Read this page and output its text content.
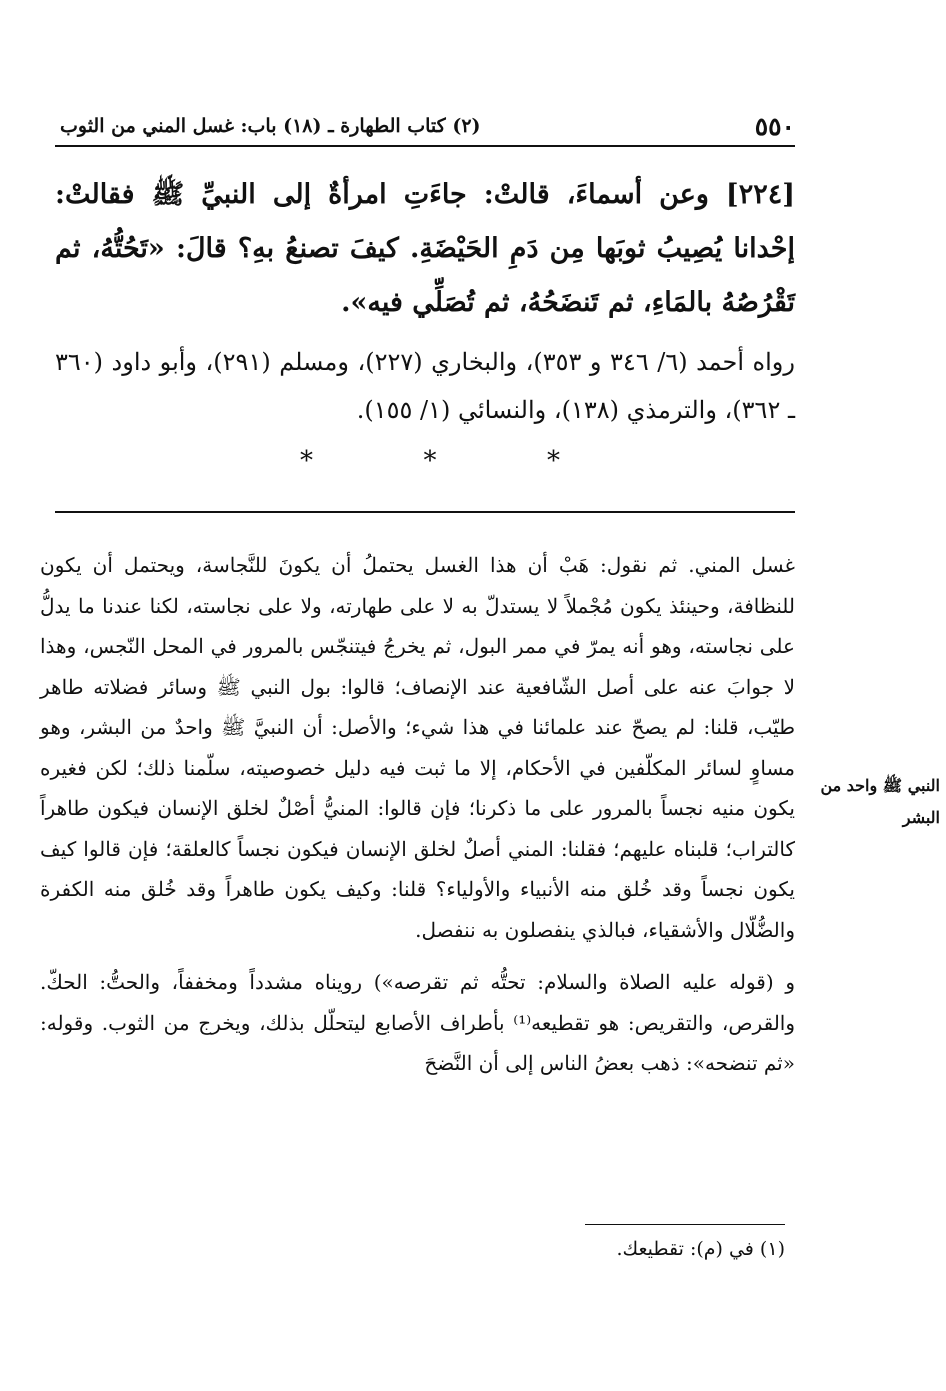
٥٥٠
(٢) كتاب الطهارة ـ (١٨) باب: غسل المني من الثوب
[٢٢٤] وعن أسماءَ، قالتْ: جاءَتِ امرأةٌ إلى النبيِّ ﷺ فقالتْ: إحْدانا يُصِيبُ ثوبَها مِن دَمِ الحَيْضَةِ. كيفَ تصنعُ بهِ؟ قالَ: «تَحُتُّهُ، ثم تَقْرُصُهُ بالمَاءِ، ثم تَنضَحُهُ، ثم تُصَلِّي فيه».
رواه أحمد (٦/ ٣٤٦ و ٣٥٣)، والبخاري (٢٢٧)، ومسلم (٢٩١)، وأبو داود (٣٦٠ ـ ٣٦٢)، والترمذي (١٣٨)، والنسائي (١/ ١٥٥).
*	*	*

غسل المني. ثم نقول: هَبْ أن هذا الغسل يحتملُ أن يكونَ للنَّجاسة، ويحتمل أن يكون للنظافة، وحينئذ يكون مُجْملاً لا يستدلّ به لا على طهارته، ولا على نجاسته، لكنا عندنا ما يدلُّ على نجاسته، وهو أنه يمرّ في ممر البول، ثم يخرجُ فيتنجّس بالمرور في المحل النّجس، وهذا لا جوابَ عنه على أصل الشّافعية عند الإنصاف؛ قالوا: بول النبي ﷺ وسائر فضلاته طاهر طيّب، قلنا: لم يصحّ عند علمائنا في هذا شيء؛ والأصل: أن النبيَّ ﷺ واحدٌ من البشر، وهو مساوٍ لسائر المكلّفين في الأحكام، إلا ما ثبت فيه دليل خصوصيته، سلّمنا ذلك؛ لكن فغيره يكون منيه نجساً بالمرور على ما ذكرنا؛ فإن قالوا: المنيُّ أصْلٌ لخلق الإنسان فيكون طاهراً كالتراب؛ قلبناه عليهم؛ فقلنا: المني أصلٌ لخلق الإنسان فيكون نجساً كالعلقة؛ فإن قالوا كيف يكون نجساً وقد خُلق منه الأنبياء والأولياء؟ قلنا: وكيف يكون طاهراً وقد خُلق منه الكفرة والضُّلّال والأشقياء، فبالذي ينفصلون به ننفصل.

و (قوله عليه الصلاة والسلام: تحتُّه ثم تقرصه») رويناه مشدداً ومخففاً، والحتُّ: الحكّ. والقرص، والتقريص: هو تقطيعه⁽¹⁾ بأطراف الأصابع ليتحلّل بذلك، ويخرج من الثوب. وقوله: «ثم تنضحه»: ذهب بعضُ الناس إلى أن النَّضحَ

النبي ﷺ واحد من البشر
(١) في (م): تقطيعك.
